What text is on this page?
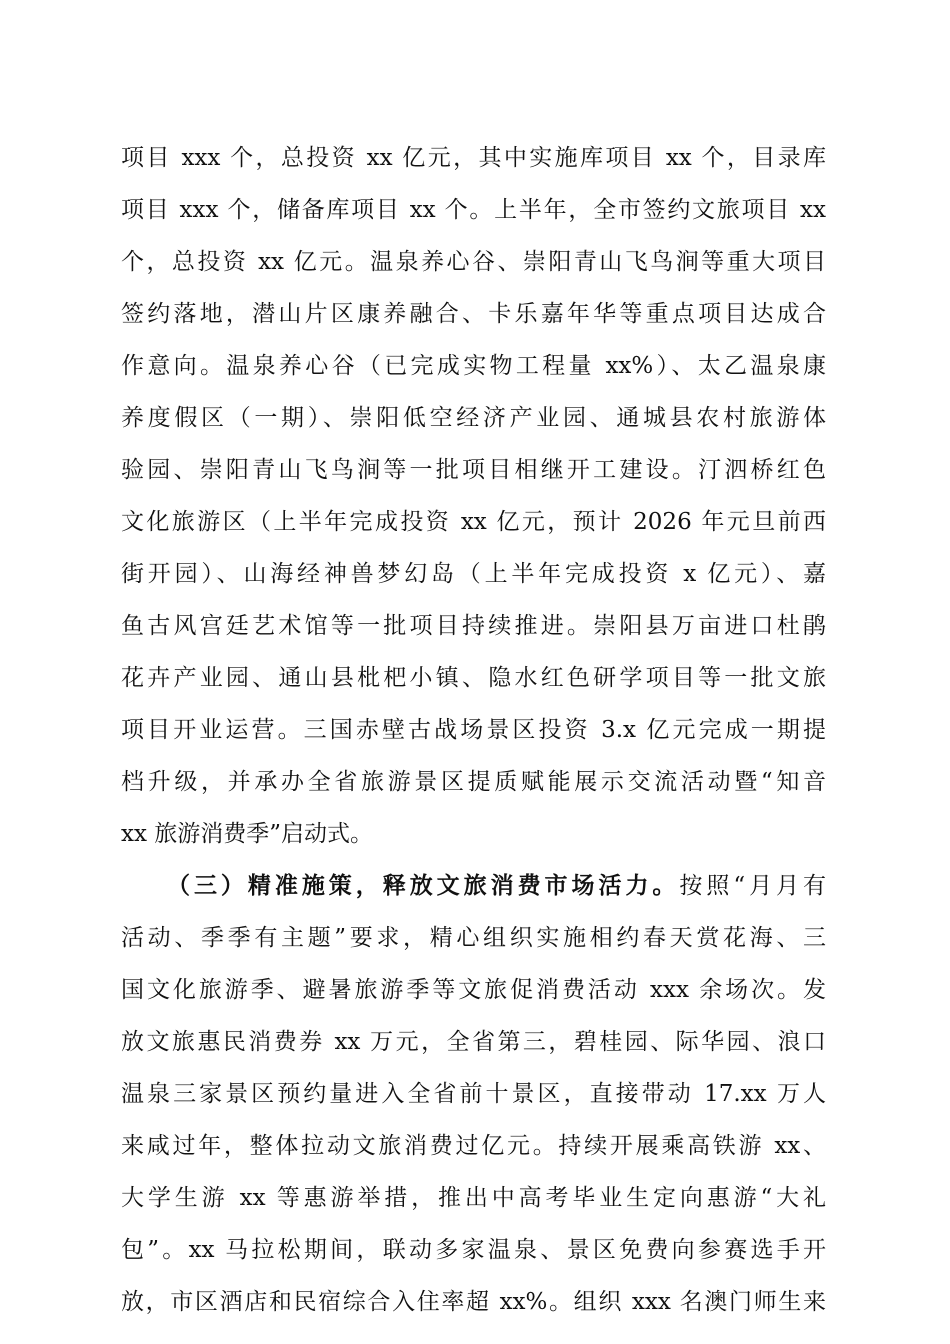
项目 xxx 个，总投资 xx 亿元，其中实施库项目 xx 个，目录库
项目 xxx 个，储备库项目 xx 个。上半年，全市签约文旅项目 xx
个，总投资 xx 亿元。温泉养心谷、崇阳青山飞鸟涧等重大项目
签约落地，潜山片区康养融合、卡乐嘉年华等重点项目达成合
作意向。温泉养心谷（已完成实物工程量 xx%）、太乙温泉康
养度假区（一期）、崇阳低空经济产业园、通城县农村旅游体
验园、崇阳青山飞鸟涧等一批项目相继开工建设。汀泗桥红色
文化旅游区（上半年完成投资 xx 亿元，预计 2026 年元旦前西
街开园）、山海经神兽梦幻岛（上半年完成投资 x 亿元）、嘉
鱼古风宫廷艺术馆等一批项目持续推进。崇阳县万亩进口杜鹃
花卉产业园、通山县枇杷小镇、隐水红色研学项目等一批文旅
项目开业运营。三国赤壁古战场景区投资 3.x 亿元完成一期提
档升级，并承办全省旅游景区提质赋能展示交流活动暨“知音
xx 旅游消费季”启动式。
（三）精准施策，释放文旅消费市场活力。按照“月月有
活动、季季有主题”要求，精心组织实施相约春天赏花海、三
国文化旅游季、避暑旅游季等文旅促消费活动 xxx 余场次。发
放文旅惠民消费券 xx 万元，全省第三，碧桂园、际华园、浪口
温泉三家景区预约量进入全省前十景区，直接带动 17.xx 万人
来咸过年，整体拉动文旅消费过亿元。持续开展乘高铁游 xx、
大学生游 xx 等惠游举措，推出中高考毕业生定向惠游“大礼
包”。xx 马拉松期间，联动多家温泉、景区免费向参赛选手开
放，市区酒店和民宿综合入住率超 xx%。组织 xxx 名澳门师生来
